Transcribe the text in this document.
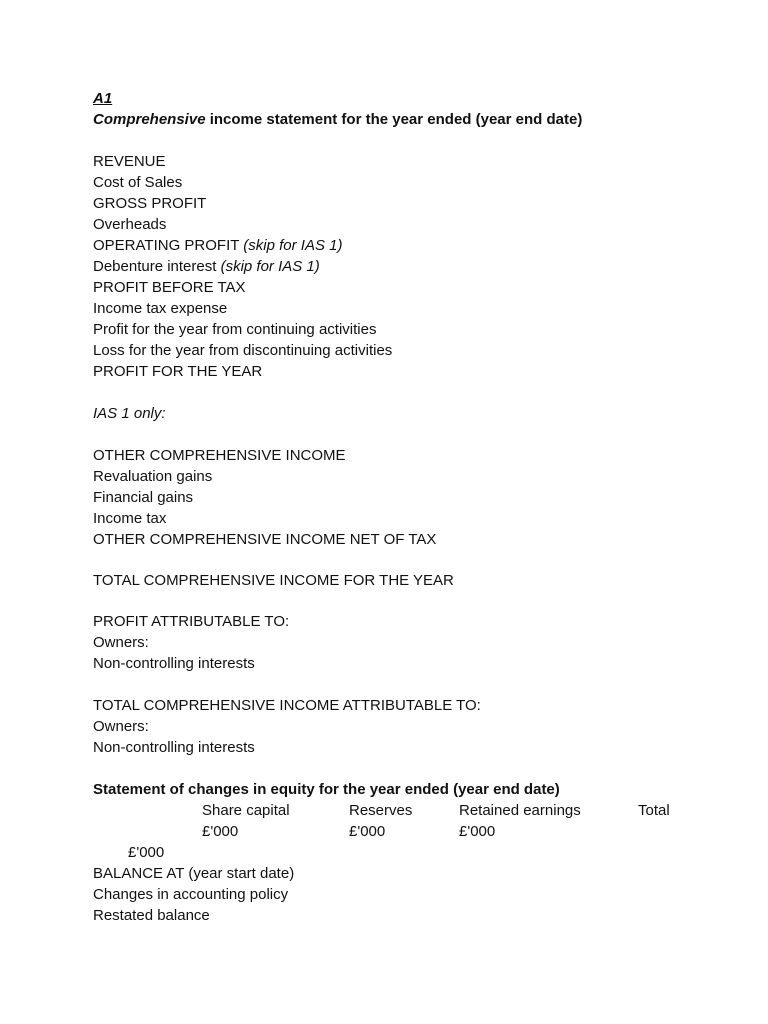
A1
Comprehensive income statement for the year ended (year end date)
REVENUE
Cost of Sales
GROSS PROFIT
Overheads
OPERATING PROFIT (skip for IAS 1)
Debenture interest (skip for IAS 1)
PROFIT BEFORE TAX
Income tax expense
Profit for the year from continuing activities
Loss for the year from discontinuing activities
PROFIT FOR THE YEAR
IAS 1 only:
OTHER COMPREHENSIVE INCOME
Revaluation gains
Financial gains
Income tax
OTHER COMPREHENSIVE INCOME NET OF TAX
TOTAL COMPREHENSIVE INCOME FOR THE YEAR
PROFIT ATTRIBUTABLE TO:
Owners:
Non-controlling interests
TOTAL COMPREHENSIVE INCOME ATTRIBUTABLE TO:
Owners:
Non-controlling interests
Statement of changes in equity for the year ended (year end date)
Share capital	Reserves	Retained earnings	Total
£'000	£'000	£'000
£'000
BALANCE AT (year start date)
Changes in accounting policy
Restated balance
